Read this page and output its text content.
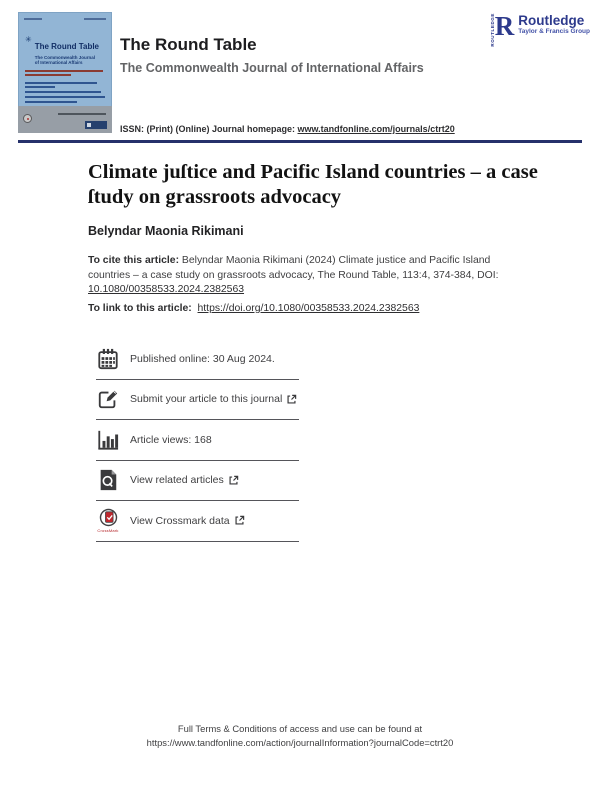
✳
The Round Table
The Commonwealth Journal
of International Affairs
The Round Table
The Commonwealth Journal of International Affairs
ISSN: (Print) (Online) Journal homepage: www.tandfonline.com/journals/ctrt20
ROUTLEDGE R Routledge
Taylor & Francis Group
Climate juſtice and Pacific Island countries – a case
ſtudy on grassroots advocacy
Belyndar Maonia Rikimani
To cite this article: Belyndar Maonia Rikimani (2024) Climate justice and Pacific Island countries – a case study on grassroots advocacy, The Round Table, 113:4, 374-384, DOI: 10.1080/00358533.2024.2382563
To link to this article: https://doi.org/10.1080/00358533.2024.2382563
Published online: 30 Aug 2024.
Submit your article to this journal
Article views: 168
View related articles
CrossMark
View Crossmark data
Full Terms & Conditions of access and use can be found at
https://www.tandfonline.com/action/journalInformation?journalCode=ctrt20
